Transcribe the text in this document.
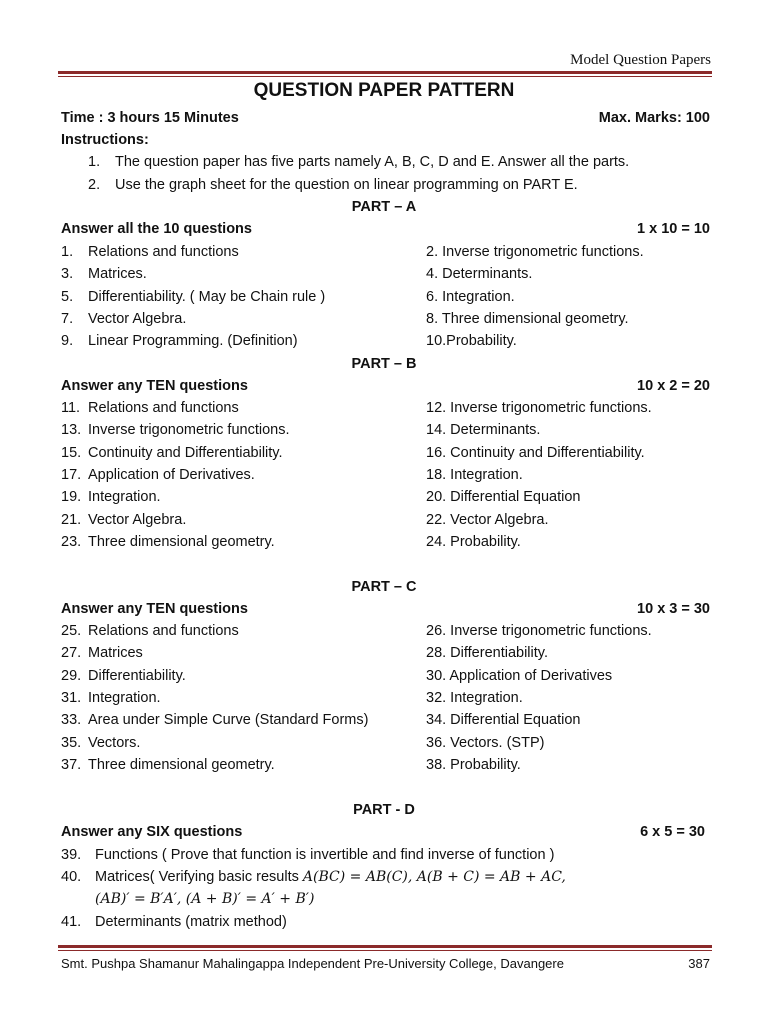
Model Question Papers
QUESTION PAPER PATTERN
Time : 3 hours 15 Minutes	Max. Marks: 100
Instructions:
1. The question paper has five parts namely A, B, C, D and E. Answer all the parts.
2. Use the graph sheet for the question on linear programming on PART E.
PART – A
Answer all the 10 questions	1 x 10 = 10
1. Relations and functions	2. Inverse trigonometric functions.
3. Matrices.	4. Determinants.
5. Differentiability. ( May be Chain rule )	6. Integration.
7. Vector Algebra.	8. Three dimensional geometry.
9. Linear Programming. (Definition)	10.Probability.
PART – B
Answer any TEN questions	10 x 2 = 20
11. Relations and functions	12. Inverse trigonometric functions.
13. Inverse trigonometric functions.	14. Determinants.
15. Continuity and Differentiability.	16. Continuity and Differentiability.
17. Application of Derivatives.	18. Integration.
19. Integration.	20. Differential Equation
21. Vector Algebra.	22. Vector Algebra.
23. Three dimensional geometry.	24. Probability.
PART – C
Answer any TEN questions	10 x 3 = 30
25. Relations and functions	26. Inverse trigonometric functions.
27. Matrices	28. Differentiability.
29. Differentiability.	30. Application of Derivatives
31. Integration.	32. Integration.
33. Area under Simple Curve (Standard Forms)	34. Differential Equation
35. Vectors.	36. Vectors. (STP)
37. Three dimensional geometry.	38. Probability.
PART - D
Answer any SIX questions	6 x 5 = 30
39. Functions ( Prove that function is invertible and find inverse of function )
40. Matrices( Verifying basic results A(BC) = AB(C), A(B + C) = AB + AC,
(AB)′ = B′A′, (A + B)′ = A′ + B′)
41. Determinants (matrix method)
Smt. Pushpa Shamanur Mahalingappa Independent Pre-University College, Davangere	387
